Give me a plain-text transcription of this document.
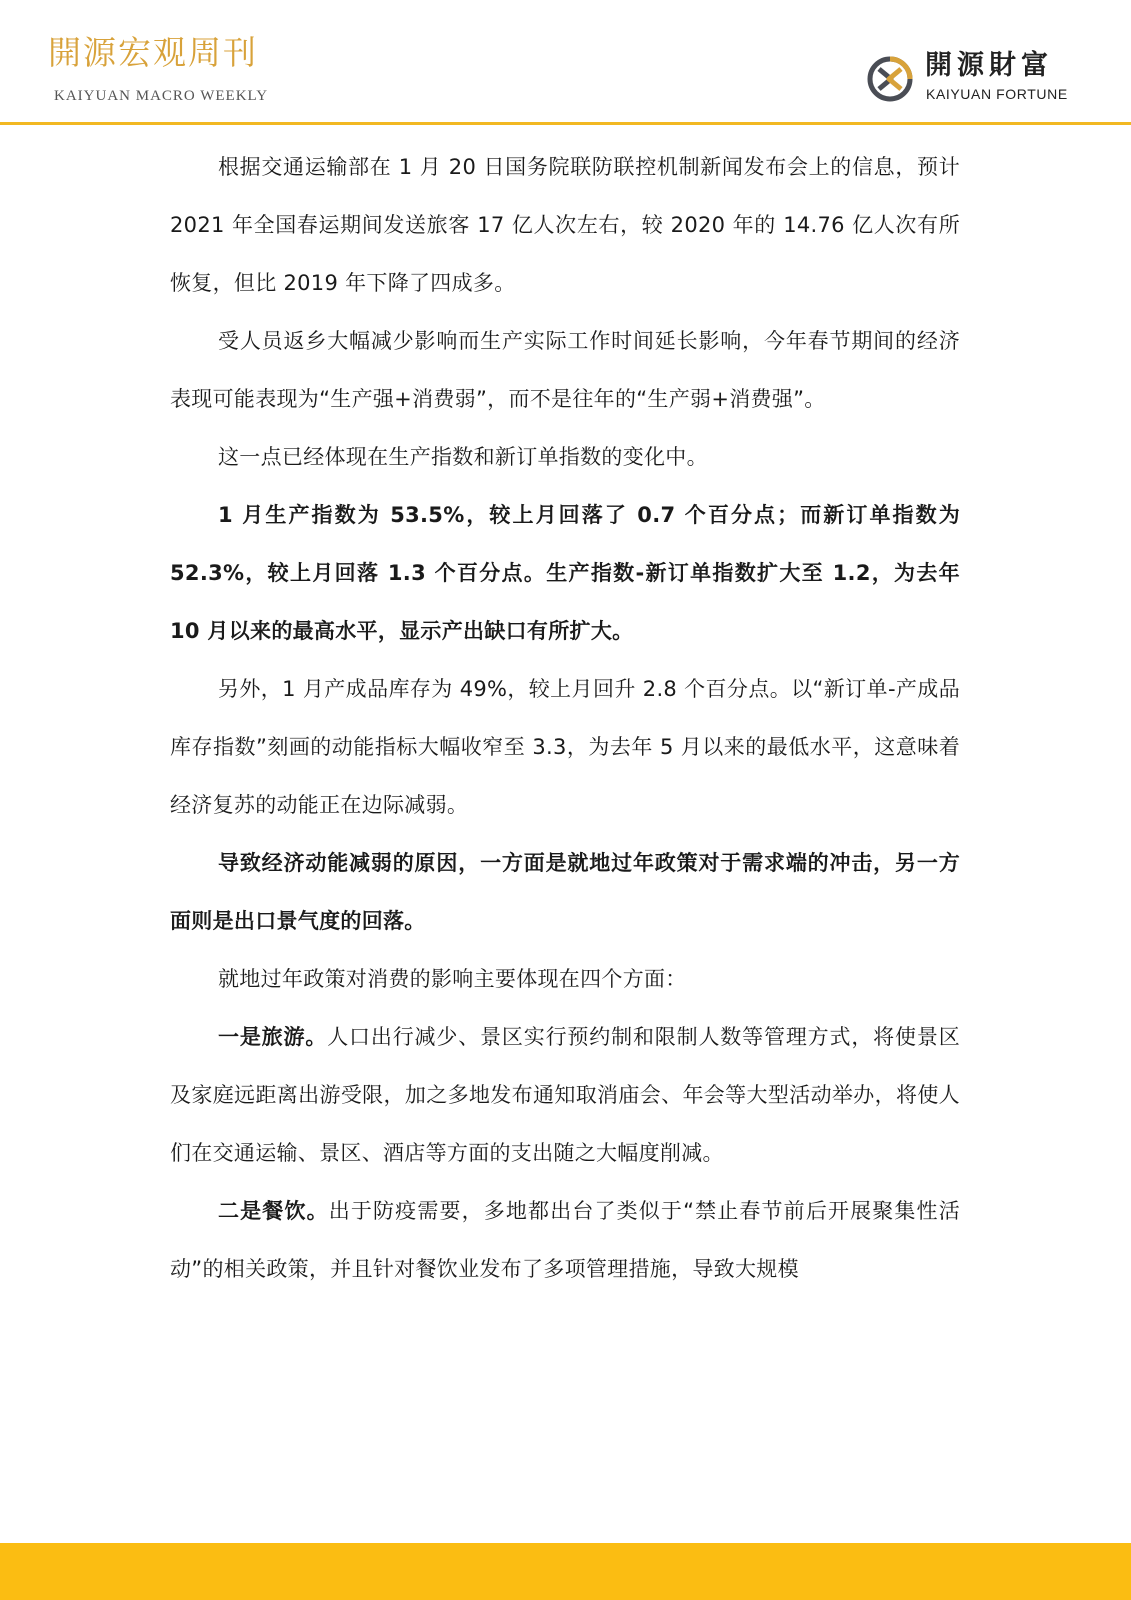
開源宏观周刊
KAIYUAN MACRO WEEKLY
開源財富
KAIYUAN FORTUNE

根据交通运输部在 1 月 20 日国务院联防联控机制新闻发布会上的信息，预计 2021 年全国春运期间发送旅客 17 亿人次左右，较 2020 年的 14.76 亿人次有所恢复，但比 2019 年下降了四成多。

受人员返乡大幅减少影响而生产实际工作时间延长影响，今年春节期间的经济表现可能表现为“生产强+消费弱”，而不是往年的“生产弱+消费强”。

这一点已经体现在生产指数和新订单指数的变化中。

1 月生产指数为 53.5%，较上月回落了 0.7 个百分点；而新订单指数为 52.3%，较上月回落 1.3 个百分点。生产指数-新订单指数扩大至 1.2，为去年 10 月以来的最高水平，显示产出缺口有所扩大。

另外，1 月产成品库存为 49%，较上月回升 2.8 个百分点。以“新订单-产成品库存指数”刻画的动能指标大幅收窄至 3.3，为去年 5 月以来的最低水平，这意味着经济复苏的动能正在边际减弱。

导致经济动能减弱的原因，一方面是就地过年政策对于需求端的冲击，另一方面则是出口景气度的回落。

就地过年政策对消费的影响主要体现在四个方面：

一是旅游。人口出行减少、景区实行预约制和限制人数等管理方式，将使景区及家庭远距离出游受限，加之多地发布通知取消庙会、年会等大型活动举办，将使人们在交通运输、景区、酒店等方面的支出随之大幅度削减。

二是餐饮。出于防疫需要，多地都出台了类似于“禁止春节前后开展聚集性活动”的相关政策，并且针对餐饮业发布了多项管理措施，导致大规模
